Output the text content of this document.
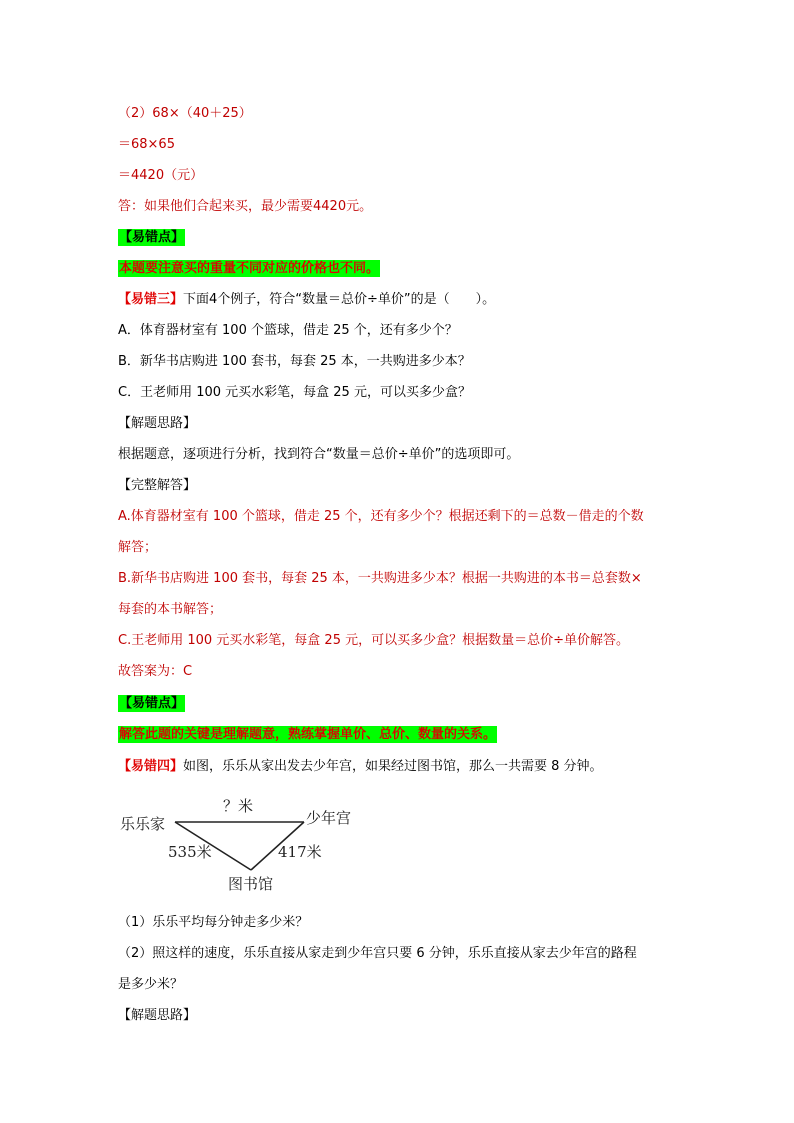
（2）68×（40＋25）
＝68×65
＝4420（元）
答：如果他们合起来买，最少需要4420元。
【易错点】
本题要注意买的重量不同对应的价格也不同。
【易错三】下面4个例子，符合“数量＝总价÷单价”的是（　　）。
A．体育器材室有 100 个篮球，借走 25 个，还有多少个？
B．新华书店购进 100 套书，每套 25 本，一共购进多少本？
C．王老师用 100 元买水彩笔，每盒 25 元，可以买多少盒？
【解题思路】
根据题意，逐项进行分析，找到符合“数量＝总价÷单价”的选项即可。
【完整解答】
A.体育器材室有 100 个篮球，借走 25 个，还有多少个？根据还剩下的＝总数－借走的个数
解答；
B.新华书店购进 100 套书，每套 25 本，一共购进多少本？根据一共购进的本书＝总套数×
每套的本书解答；
C.王老师用 100 元买水彩笔，每盒 25 元，可以买多少盒？根据数量＝总价÷单价解答。
故答案为：C
【易错点】
解答此题的关键是理解题意，熟练掌握单价、总价、数量的关系。
【易错四】如图，乐乐从家出发去少年宫，如果经过图书馆，那么一共需要 8 分钟。
乐乐家	少年宫
？米
535米	417米
图书馆
（1）乐乐平均每分钟走多少米？
（2）照这样的速度，乐乐直接从家走到少年宫只要 6 分钟，乐乐直接从家去少年宫的路程
是多少米？
【解题思路】
